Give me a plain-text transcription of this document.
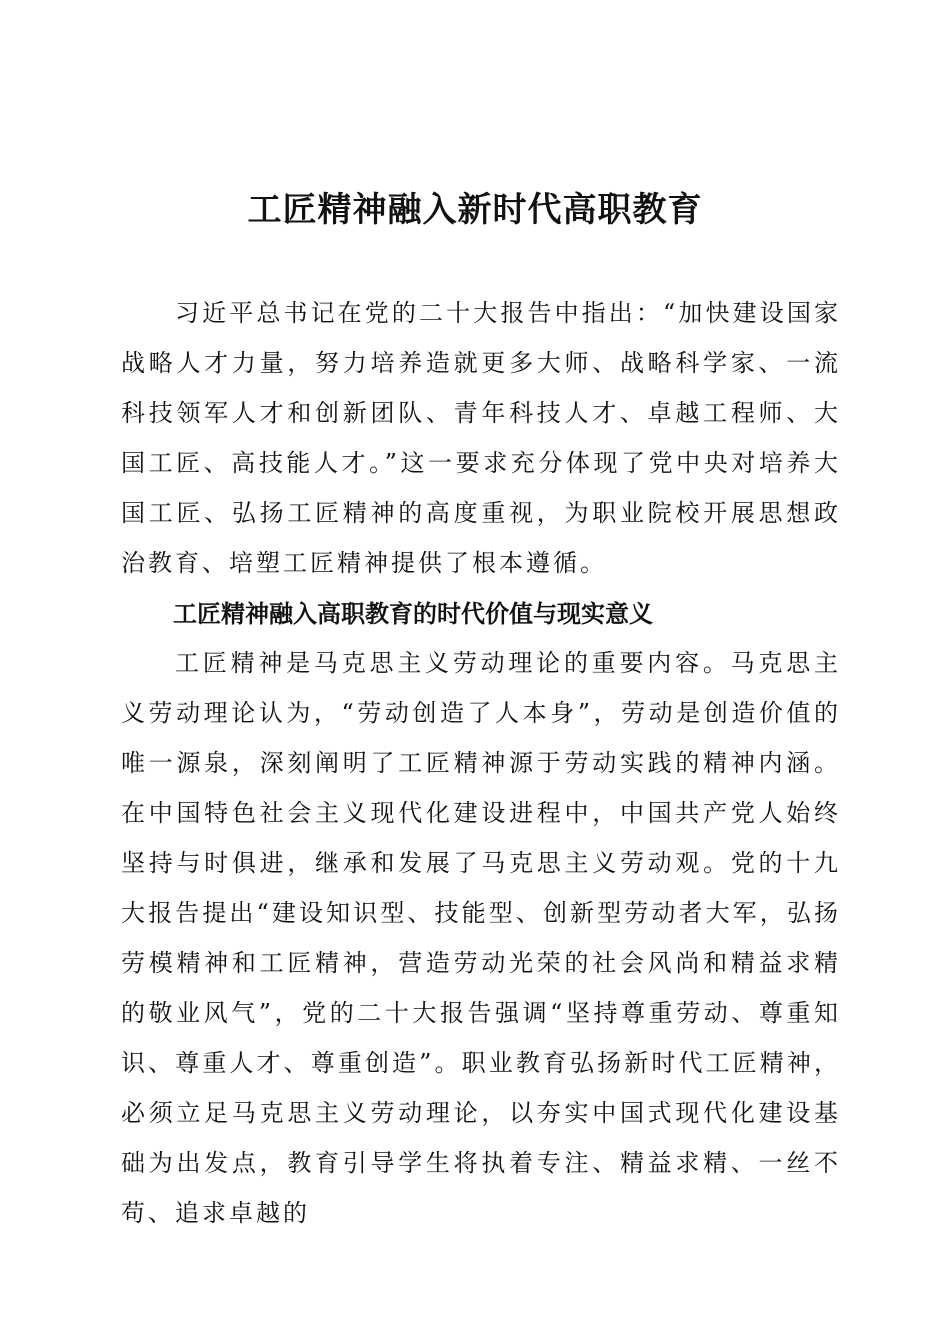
工匠精神融入新时代高职教育

习近平总书记在党的二十大报告中指出：“加快建设国家战略人才力量，努力培养造就更多大师、战略科学家、一流科技领军人才和创新团队、青年科技人才、卓越工程师、大国工匠、高技能人才。”这一要求充分体现了党中央对培养大国工匠、弘扬工匠精神的高度重视，为职业院校开展思想政治教育、培塑工匠精神提供了根本遵循。

工匠精神融入高职教育的时代价值与现实意义

工匠精神是马克思主义劳动理论的重要内容。马克思主义劳动理论认为，“劳动创造了人本身”，劳动是创造价值的唯一源泉，深刻阐明了工匠精神源于劳动实践的精神内涵。在中国特色社会主义现代化建设进程中，中国共产党人始终坚持与时俱进，继承和发展了马克思主义劳动观。党的十九大报告提出“建设知识型、技能型、创新型劳动者大军，弘扬劳模精神和工匠精神，营造劳动光荣的社会风尚和精益求精的敬业风气”，党的二十大报告强调“坚持尊重劳动、尊重知识、尊重人才、尊重创造”。职业教育弘扬新时代工匠精神，必须立足马克思主义劳动理论，以夯实中国式现代化建设基础为出发点，教育引导学生将执着专注、精益求精、一丝不苟、追求卓越的
